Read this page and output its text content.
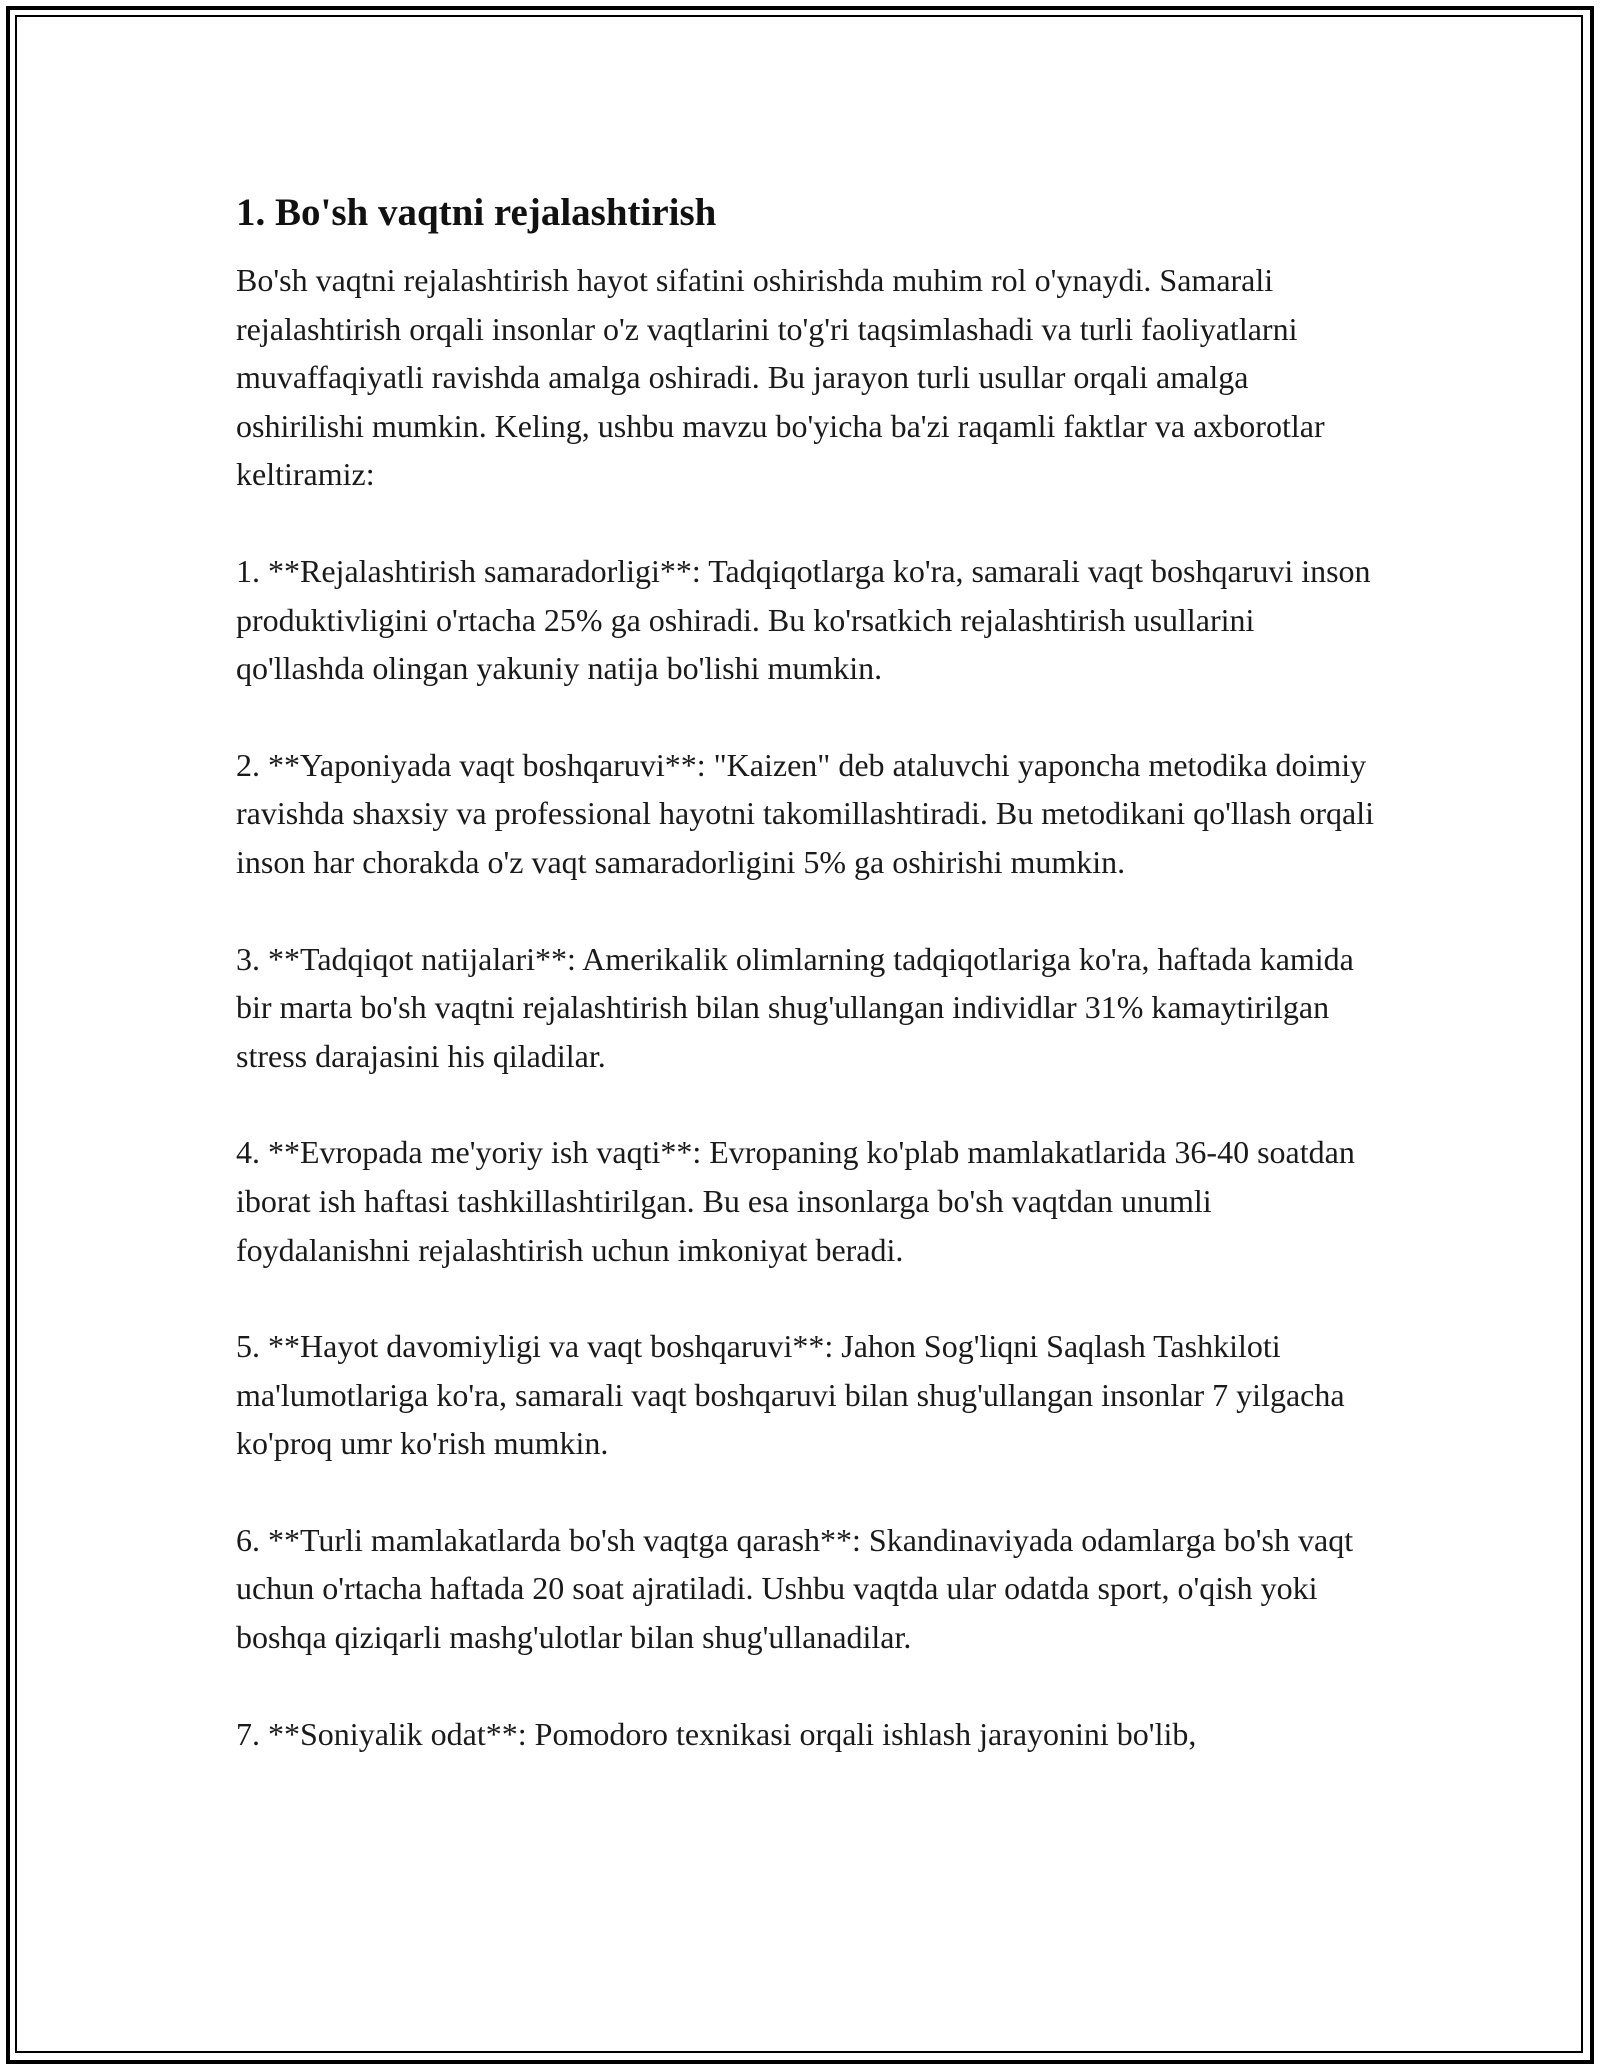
1. Bo'sh vaqtni rejalashtirish

Bo'sh vaqtni rejalashtirish hayot sifatini oshirishda muhim rol o'ynaydi. Samarali rejalashtirish orqali insonlar o'z vaqtlarini to'g'ri taqsimlashadi va turli faoliyatlarni muvaffaqiyatli ravishda amalga oshiradi. Bu jarayon turli usullar orqali amalga oshirilishi mumkin. Keling, ushbu mavzu bo'yicha ba'zi raqamli faktlar va axborotlar keltiramiz:

1. **Rejalashtirish samaradorligi**: Tadqiqotlarga ko'ra, samarali vaqt boshqaruvi inson produktivligini o'rtacha 25% ga oshiradi. Bu ko'rsatkich rejalashtirish usullarini qo'llashda olingan yakuniy natija bo'lishi mumkin.

2. **Yaponiyada vaqt boshqaruvi**: "Kaizen" deb ataluvchi yaponcha metodika doimiy ravishda shaxsiy va professional hayotni takomillashtiradi. Bu metodikani qo'llash orqali inson har chorakda o'z vaqt samaradorligini 5% ga oshirishi mumkin.

3. **Tadqiqot natijalari**: Amerikalik olimlarning tadqiqotlariga ko'ra, haftada kamida bir marta bo'sh vaqtni rejalashtirish bilan shug'ullangan individlar 31% kamaytirilgan stress darajasini his qiladilar.

4. **Evropada me'yoriy ish vaqti**: Evropaning ko'plab mamlakatlarida 36-40 soatdan iborat ish haftasi tashkillashtirilgan. Bu esa insonlarga bo'sh vaqtdan unumli foydalanishni rejalashtirish uchun imkoniyat beradi.

5. **Hayot davomiyligi va vaqt boshqaruvi**: Jahon Sog'liqni Saqlash Tashkiloti ma'lumotlariga ko'ra, samarali vaqt boshqaruvi bilan shug'ullangan insonlar 7 yilgacha ko'proq umr ko'rish mumkin.

6. **Turli mamlakatlarda bo'sh vaqtga qarash**: Skandinaviyada odamlarga bo'sh vaqt uchun o'rtacha haftada 20 soat ajratiladi. Ushbu vaqtda ular odatda sport, o'qish yoki boshqa qiziqarli mashg'ulotlar bilan shug'ullanadilar.

7. **Soniyalik odat**: Pomodoro texnikasi orqali ishlash jarayonini bo'lib,
